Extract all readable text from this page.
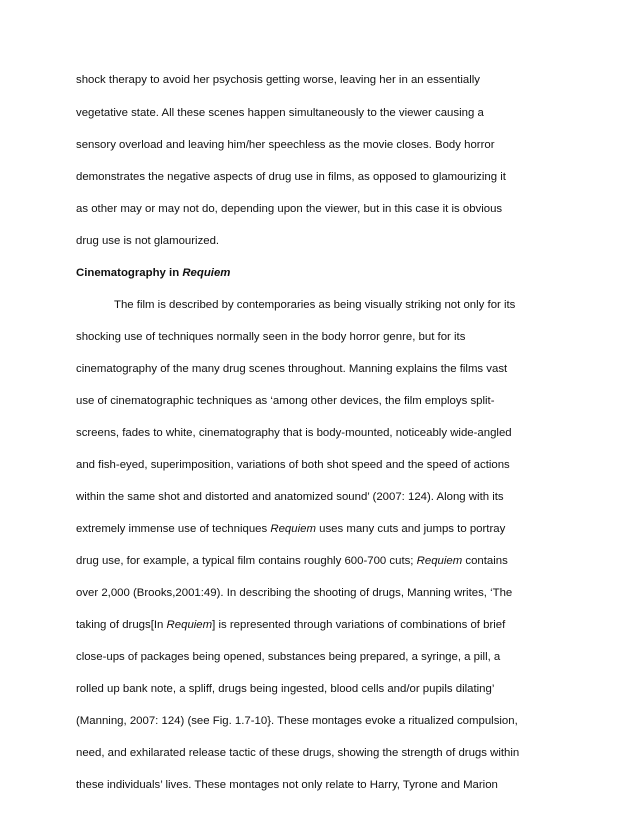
shock therapy to avoid her psychosis getting worse, leaving her in an essentially
vegetative state. All these scenes happen simultaneously to the viewer causing a
sensory overload and leaving him/her speechless as the movie closes. Body horror
demonstrates the negative aspects of drug use in films, as opposed to glamourizing it
as other may or may not do, depending upon the viewer, but in this case it is obvious
drug use is not glamourized.
Cinematography in Requiem
The film is described by contemporaries as being visually striking not only for its
shocking use of techniques normally seen in the body horror genre, but for its
cinematography of the many drug scenes throughout. Manning explains the films vast
use of cinematographic techniques as ‘among other devices, the film employs split-
screens, fades to white, cinematography that is body-mounted, noticeably wide-angled
and fish-eyed, superimposition, variations of both shot speed and the speed of actions
within the same shot and distorted and anatomized sound’ (2007: 124). Along with its
extremely immense use of techniques Requiem uses many cuts and jumps to portray
drug use, for example, a typical film contains roughly 600-700 cuts; Requiem contains
over 2,000 (Brooks,2001:49). In describing the shooting of drugs, Manning writes, ‘The
taking of drugs[In Requiem] is represented through variations of combinations of brief
close-ups of packages being opened, substances being prepared, a syringe, a pill, a
rolled up bank note, a spliff, drugs being ingested, blood cells and/or pupils dilating’
(Manning, 2007: 124) (see Fig. 1.7-10}. These montages evoke a ritualized compulsion,
need, and exhilarated release tactic of these drugs, showing the strength of drugs within
these individuals’ lives. These montages not only relate to Harry, Tyrone and Marion
